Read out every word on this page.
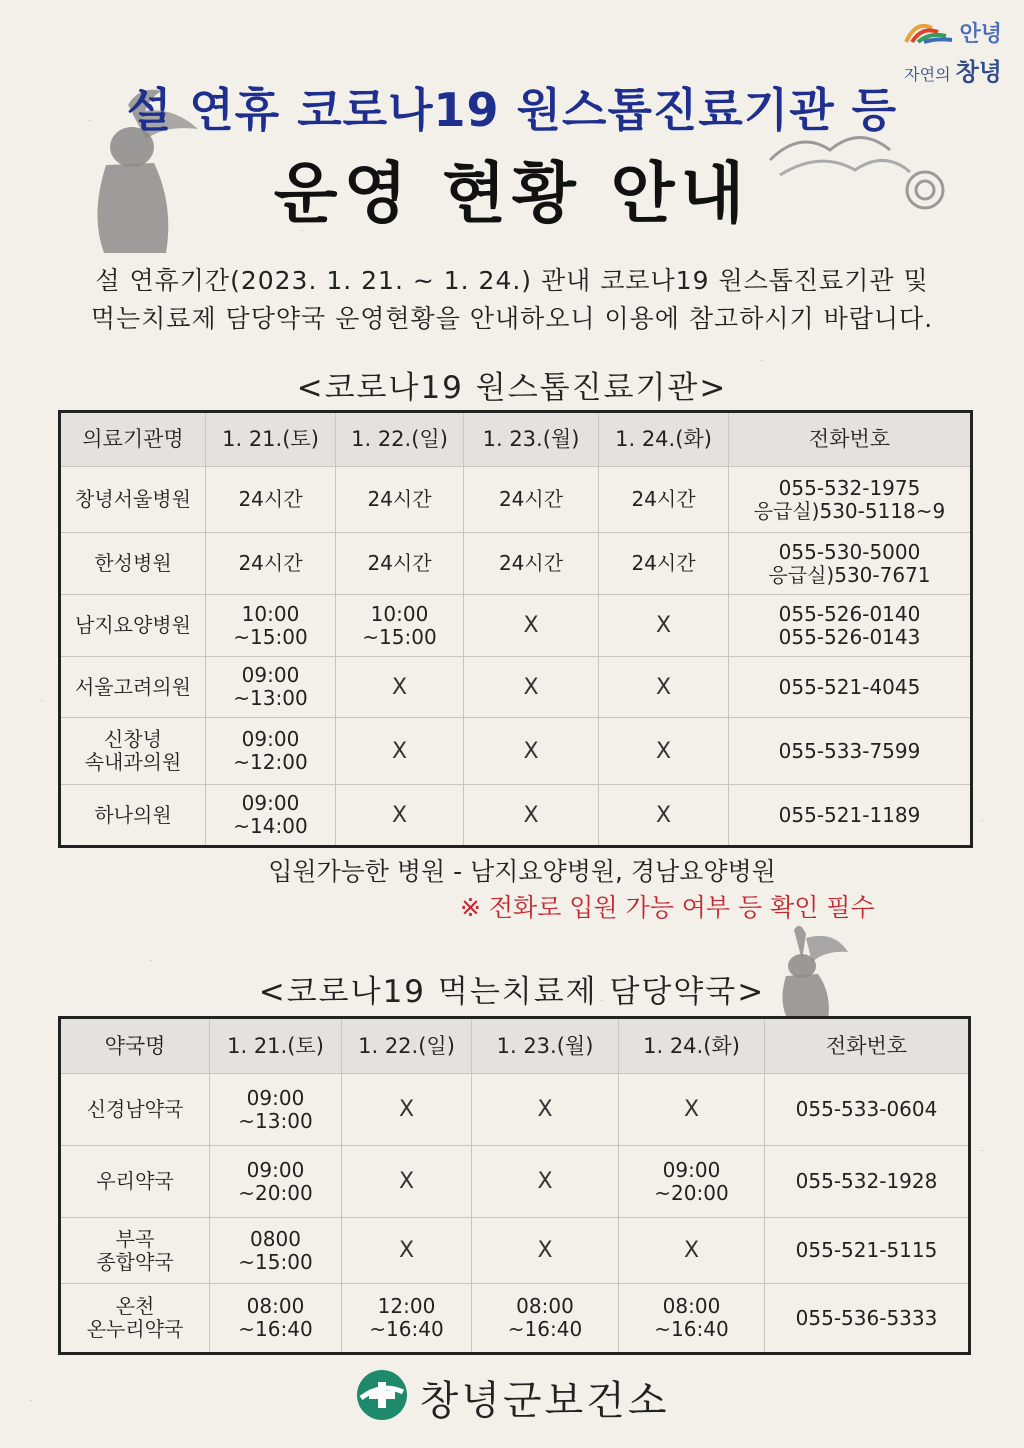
안녕
자연의 창녕
설 연휴 코로나19 원스톱진료기관 등
운영 현황 안내
설 연휴기간(2023. 1. 21. ~ 1. 24.) 관내 코로나19 원스톱진료기관 및
먹는치료제 담당약국 운영현황을 안내하오니 이용에 참고하시기 바랍니다.
<코로나19 원스톱진료기관>
의료기관명	1. 21.(토)	1. 22.(일)	1. 23.(월)	1. 24.(화)	전화번호
창녕서울병원	24시간	24시간	24시간	24시간	055-532-1975
응급실)530-5118~9
한성병원	24시간	24시간	24시간	24시간	055-530-5000
응급실)530-7671
남지요양병원	10:00
~15:00	10:00
~15:00	X	X	055-526-0140
055-526-0143
서울고려의원	09:00
~13:00	X	X	X	055-521-4045
신창녕
속내과의원	09:00
~12:00	X	X	X	055-533-7599
하나의원	09:00
~14:00	X	X	X	055-521-1189
입원가능한 병원 - 남지요양병원, 경남요양병원
※ 전화로 입원 가능 여부 등 확인 필수
<코로나19 먹는치료제 담당약국>
약국명	1. 21.(토)	1. 22.(일)	1. 23.(월)	1. 24.(화)	전화번호
신경남약국	09:00
~13:00	X	X	X	055-533-0604
우리약국	09:00
~20:00	X	X	09:00
~20:00	055-532-1928
부곡
종합약국	0800
~15:00	X	X	X	055-521-5115
온천
온누리약국	08:00
~16:40	12:00
~16:40	08:00
~16:40	08:00
~16:40	055-536-5333
창녕군보건소
